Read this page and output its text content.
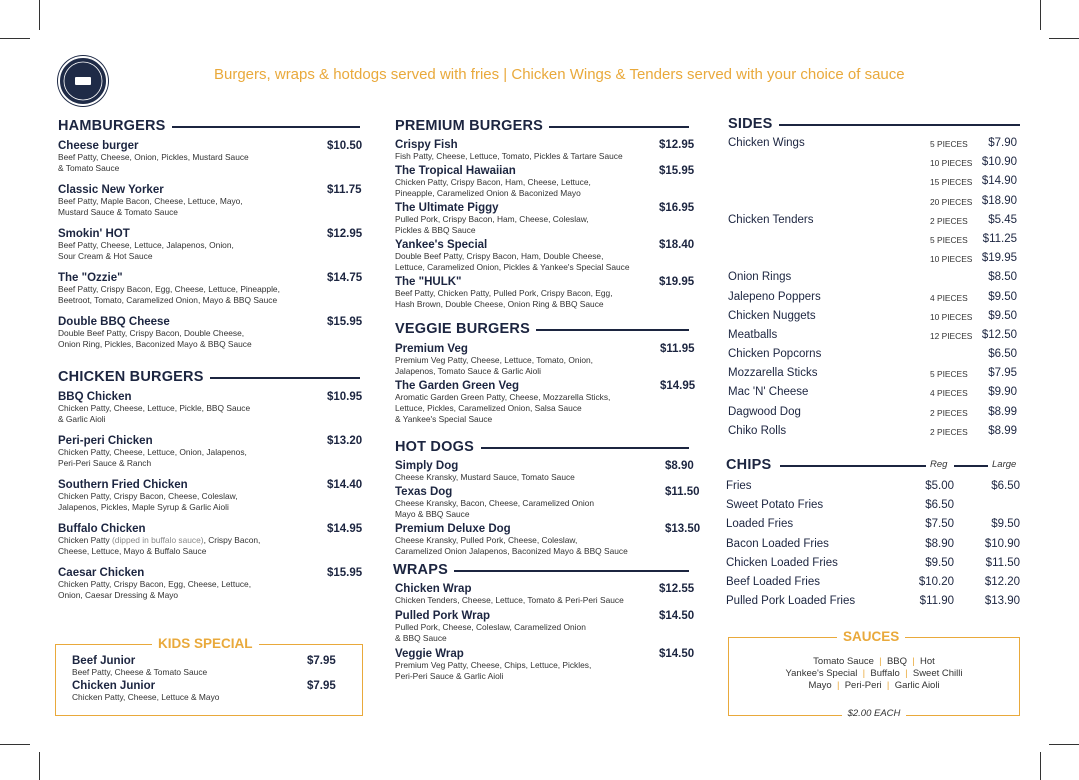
Burgers, wraps & hotdogs served with fries | Chicken Wings & Tenders served with your choice of sauce
HAMBURGERS
Cheese burger	$10.50
Beef Patty, Cheese, Onion, Pickles, Mustard Sauce
& Tomato Sauce
Classic New Yorker	$11.75
Beef Patty, Maple Bacon, Cheese, Lettuce, Mayo,
Mustard Sauce & Tomato Sauce
Smokin' HOT	$12.95
Beef Patty, Cheese, Lettuce, Jalapenos, Onion,
Sour Cream & Hot Sauce
The "Ozzie"	$14.75
Beef Patty, Crispy Bacon, Egg, Cheese, Lettuce, Pineapple,
Beetroot, Tomato, Caramelized Onion, Mayo & BBQ Sauce
Double BBQ Cheese	$15.95
Double Beef Patty, Crispy Bacon, Double Cheese,
Onion Ring, Pickles, Baconized Mayo & BBQ Sauce
CHICKEN BURGERS
BBQ Chicken	$10.95
Chicken Patty, Cheese, Lettuce, Pickle, BBQ Sauce
& Garlic Aioli
Peri-peri Chicken	$13.20
Chicken Patty, Cheese, Lettuce, Onion, Jalapenos,
Peri-Peri Sauce & Ranch
Southern Fried Chicken	$14.40
Chicken Patty, Crispy Bacon, Cheese, Coleslaw,
Jalapenos, Pickles, Maple Syrup & Garlic Aioli
Buffalo Chicken	$14.95
Chicken Patty (dipped in buffalo sauce), Crispy Bacon,
Cheese, Lettuce, Mayo & Buffalo Sauce
Caesar Chicken	$15.95
Chicken Patty, Crispy Bacon, Egg, Cheese, Lettuce,
Onion, Caesar Dressing & Mayo
KIDS SPECIAL
Beef Junior	$7.95
Beef Patty, Cheese & Tomato Sauce
Chicken Junior	$7.95
Chicken Patty, Cheese, Lettuce & Mayo
PREMIUM BURGERS
Crispy Fish	$12.95
Fish Patty, Cheese, Lettuce, Tomato, Pickles & Tartare Sauce
The Tropical Hawaiian	$15.95
Chicken Patty, Crispy Bacon, Ham, Cheese, Lettuce,
Pineapple, Caramelized Onion & Baconized Mayo
The Ultimate Piggy	$16.95
Pulled Pork, Crispy Bacon, Ham, Cheese, Coleslaw,
Pickles & BBQ Sauce
Yankee's Special	$18.40
Double Beef Patty, Crispy Bacon, Ham, Double Cheese,
Lettuce, Caramelized Onion, Pickles & Yankee's Special Sauce
The "HULK"	$19.95
Beef Patty, Chicken Patty, Pulled Pork, Crispy Bacon, Egg,
Hash Brown, Double Cheese, Onion Ring & BBQ Sauce
VEGGIE BURGERS
Premium Veg	$11.95
Premium Veg Patty, Cheese, Lettuce, Tomato, Onion,
Jalapenos, Tomato Sauce & Garlic Aioli
The Garden Green Veg	$14.95
Aromatic Garden Green Patty, Cheese, Mozzarella Sticks,
Lettuce, Pickles, Caramelized Onion, Salsa Sauce
& Yankee's Special Sauce
HOT DOGS
Simply Dog	$8.90
Cheese Kransky, Mustard Sauce, Tomato Sauce
Texas Dog	$11.50
Cheese Kransky, Bacon, Cheese, Caramelized Onion
Mayo & BBQ Sauce
Premium Deluxe Dog	$13.50
Cheese Kransky, Pulled Pork, Cheese, Coleslaw,
Caramelized Onion Jalapenos, Baconized Mayo & BBQ Sauce
WRAPS
Chicken Wrap	$12.55
Chicken Tenders, Cheese, Lettuce, Tomato & Peri-Peri Sauce
Pulled Pork Wrap	$14.50
Pulled Pork, Cheese, Coleslaw, Caramelized Onion
& BBQ Sauce
Veggie Wrap	$14.50
Premium Veg Patty, Cheese, Chips, Lettuce, Pickles,
Peri-Peri Sauce & Garlic Aioli
SIDES
Chicken Wings	5 PIECES $7.90
10 PIECES $10.90
15 PIECES $14.90
20 PIECES $18.90
Chicken Tenders	2 PIECES $5.45
5 PIECES $11.25
10 PIECES $19.95
Onion Rings	$8.50
Jalepeno Poppers	4 PIECES $9.50
Chicken Nuggets	10 PIECES $9.50
Meatballs	12 PIECES $12.50
Chicken Popcorns	$6.50
Mozzarella Sticks	5 PIECES $7.95
Mac 'N' Cheese	4 PIECES $9.90
Dagwood Dog	2 PIECES $8.99
Chiko Rolls	2 PIECES $8.99
CHIPS	Reg	Large
Fries	$5.00	$6.50
Sweet Potato Fries	$6.50
Loaded Fries	$7.50	$9.50
Bacon Loaded Fries	$8.90	$10.90
Chicken Loaded Fries	$9.50	$11.50
Beef Loaded Fries	$10.20	$12.20
Pulled Pork Loaded Fries	$11.90	$13.90
SAUCES
Tomato Sauce  |  BBQ  |  Hot
Yankee's Special  |  Buffalo  |  Sweet Chilli
Mayo  |  Peri-Peri  |  Garlic Aioli
$2.00 EACH
